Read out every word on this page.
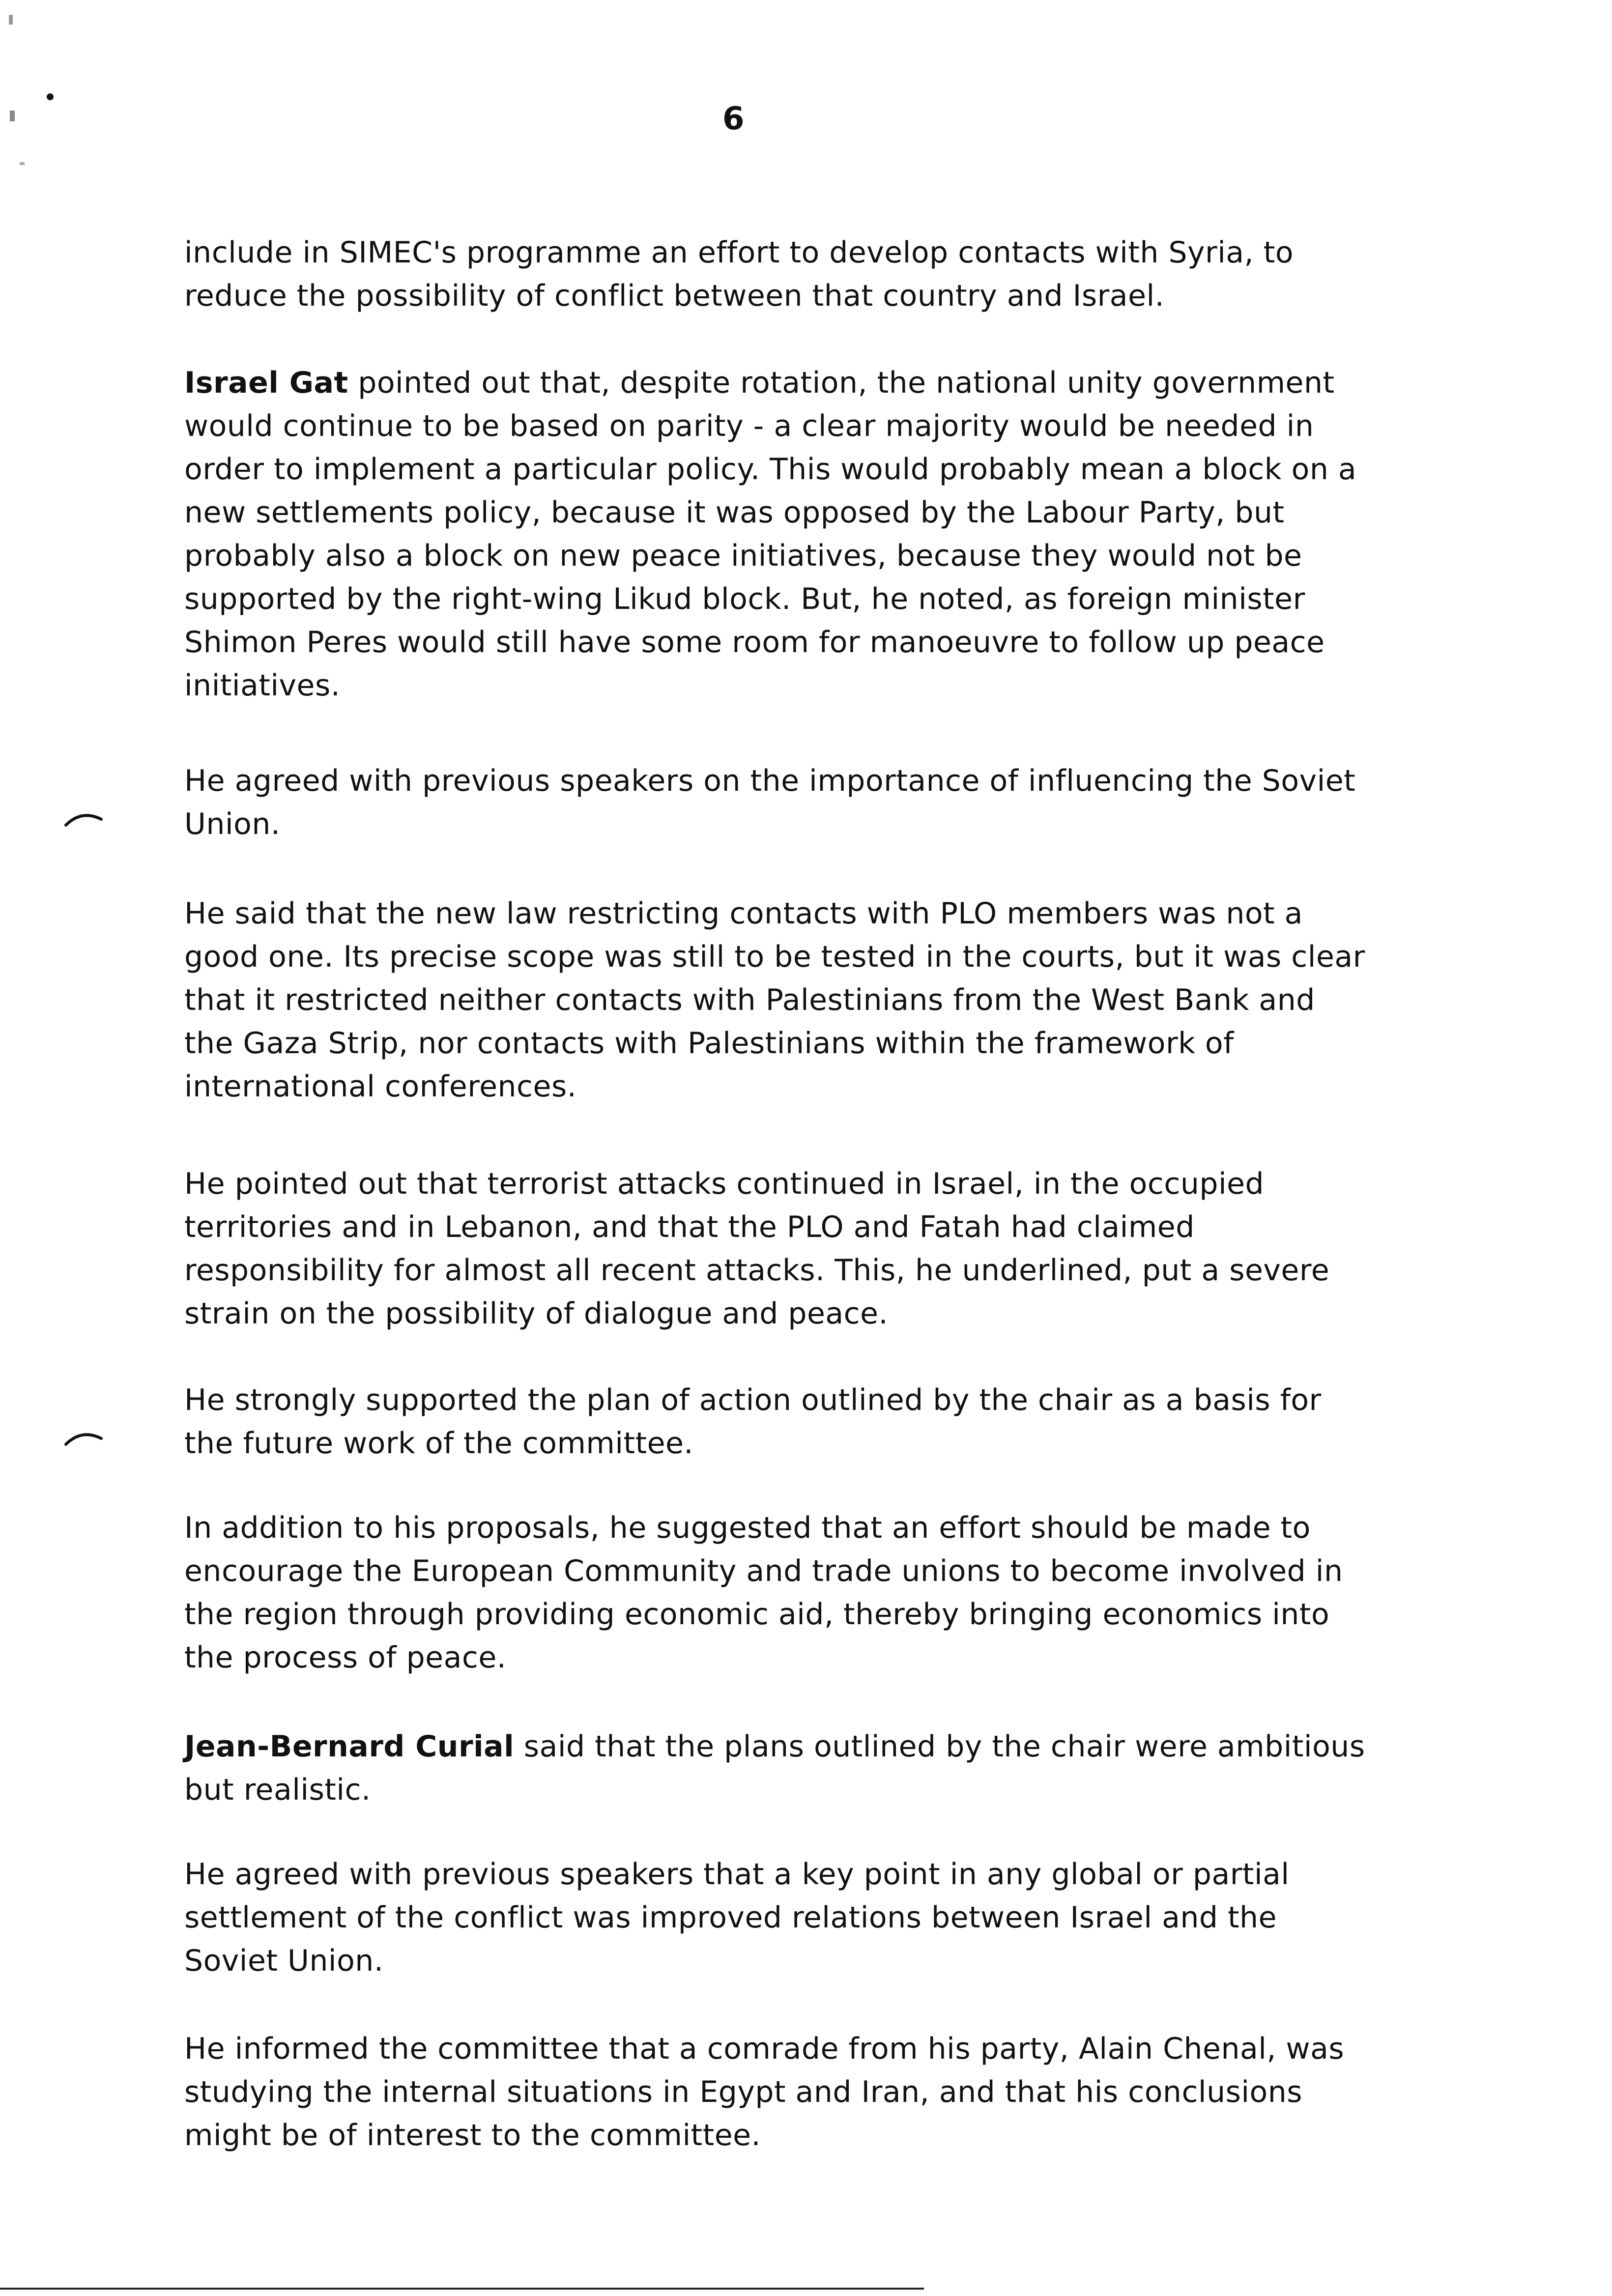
6

include in SIMEC's programme an effort to develop contacts with Syria, to reduce the possibility of conflict between that country and Israel.

Israel Gat pointed out that, despite rotation, the national unity government would continue to be based on parity - a clear majority would be needed in order to implement a particular policy. This would probably mean a block on a new settlements policy, because it was opposed by the Labour Party, but probably also a block on new peace initiatives, because they would not be supported by the right-wing Likud block. But, he noted, as foreign minister Shimon Peres would still have some room for manoeuvre to follow up peace initiatives.

He agreed with previous speakers on the importance of influencing the Soviet Union.

He said that the new law restricting contacts with PLO members was not a good one. Its precise scope was still to be tested in the courts, but it was clear that it restricted neither contacts with Palestinians from the West Bank and the Gaza Strip, nor contacts with Palestinians within the framework of international conferences.

He pointed out that terrorist attacks continued in Israel, in the occupied territories and in Lebanon, and that the PLO and Fatah had claimed responsibility for almost all recent attacks. This, he underlined, put a severe strain on the possibility of dialogue and peace.

He strongly supported the plan of action outlined by the chair as a basis for the future work of the committee.

In addition to his proposals, he suggested that an effort should be made to encourage the European Community and trade unions to become involved in the region through providing economic aid, thereby bringing economics into the process of peace.

Jean-Bernard Curial said that the plans outlined by the chair were ambitious but realistic.

He agreed with previous speakers that a key point in any global or partial settlement of the conflict was improved relations between Israel and the Soviet Union.

He informed the committee that a comrade from his party, Alain Chenal, was studying the internal situations in Egypt and Iran, and that his conclusions might be of interest to the committee.
